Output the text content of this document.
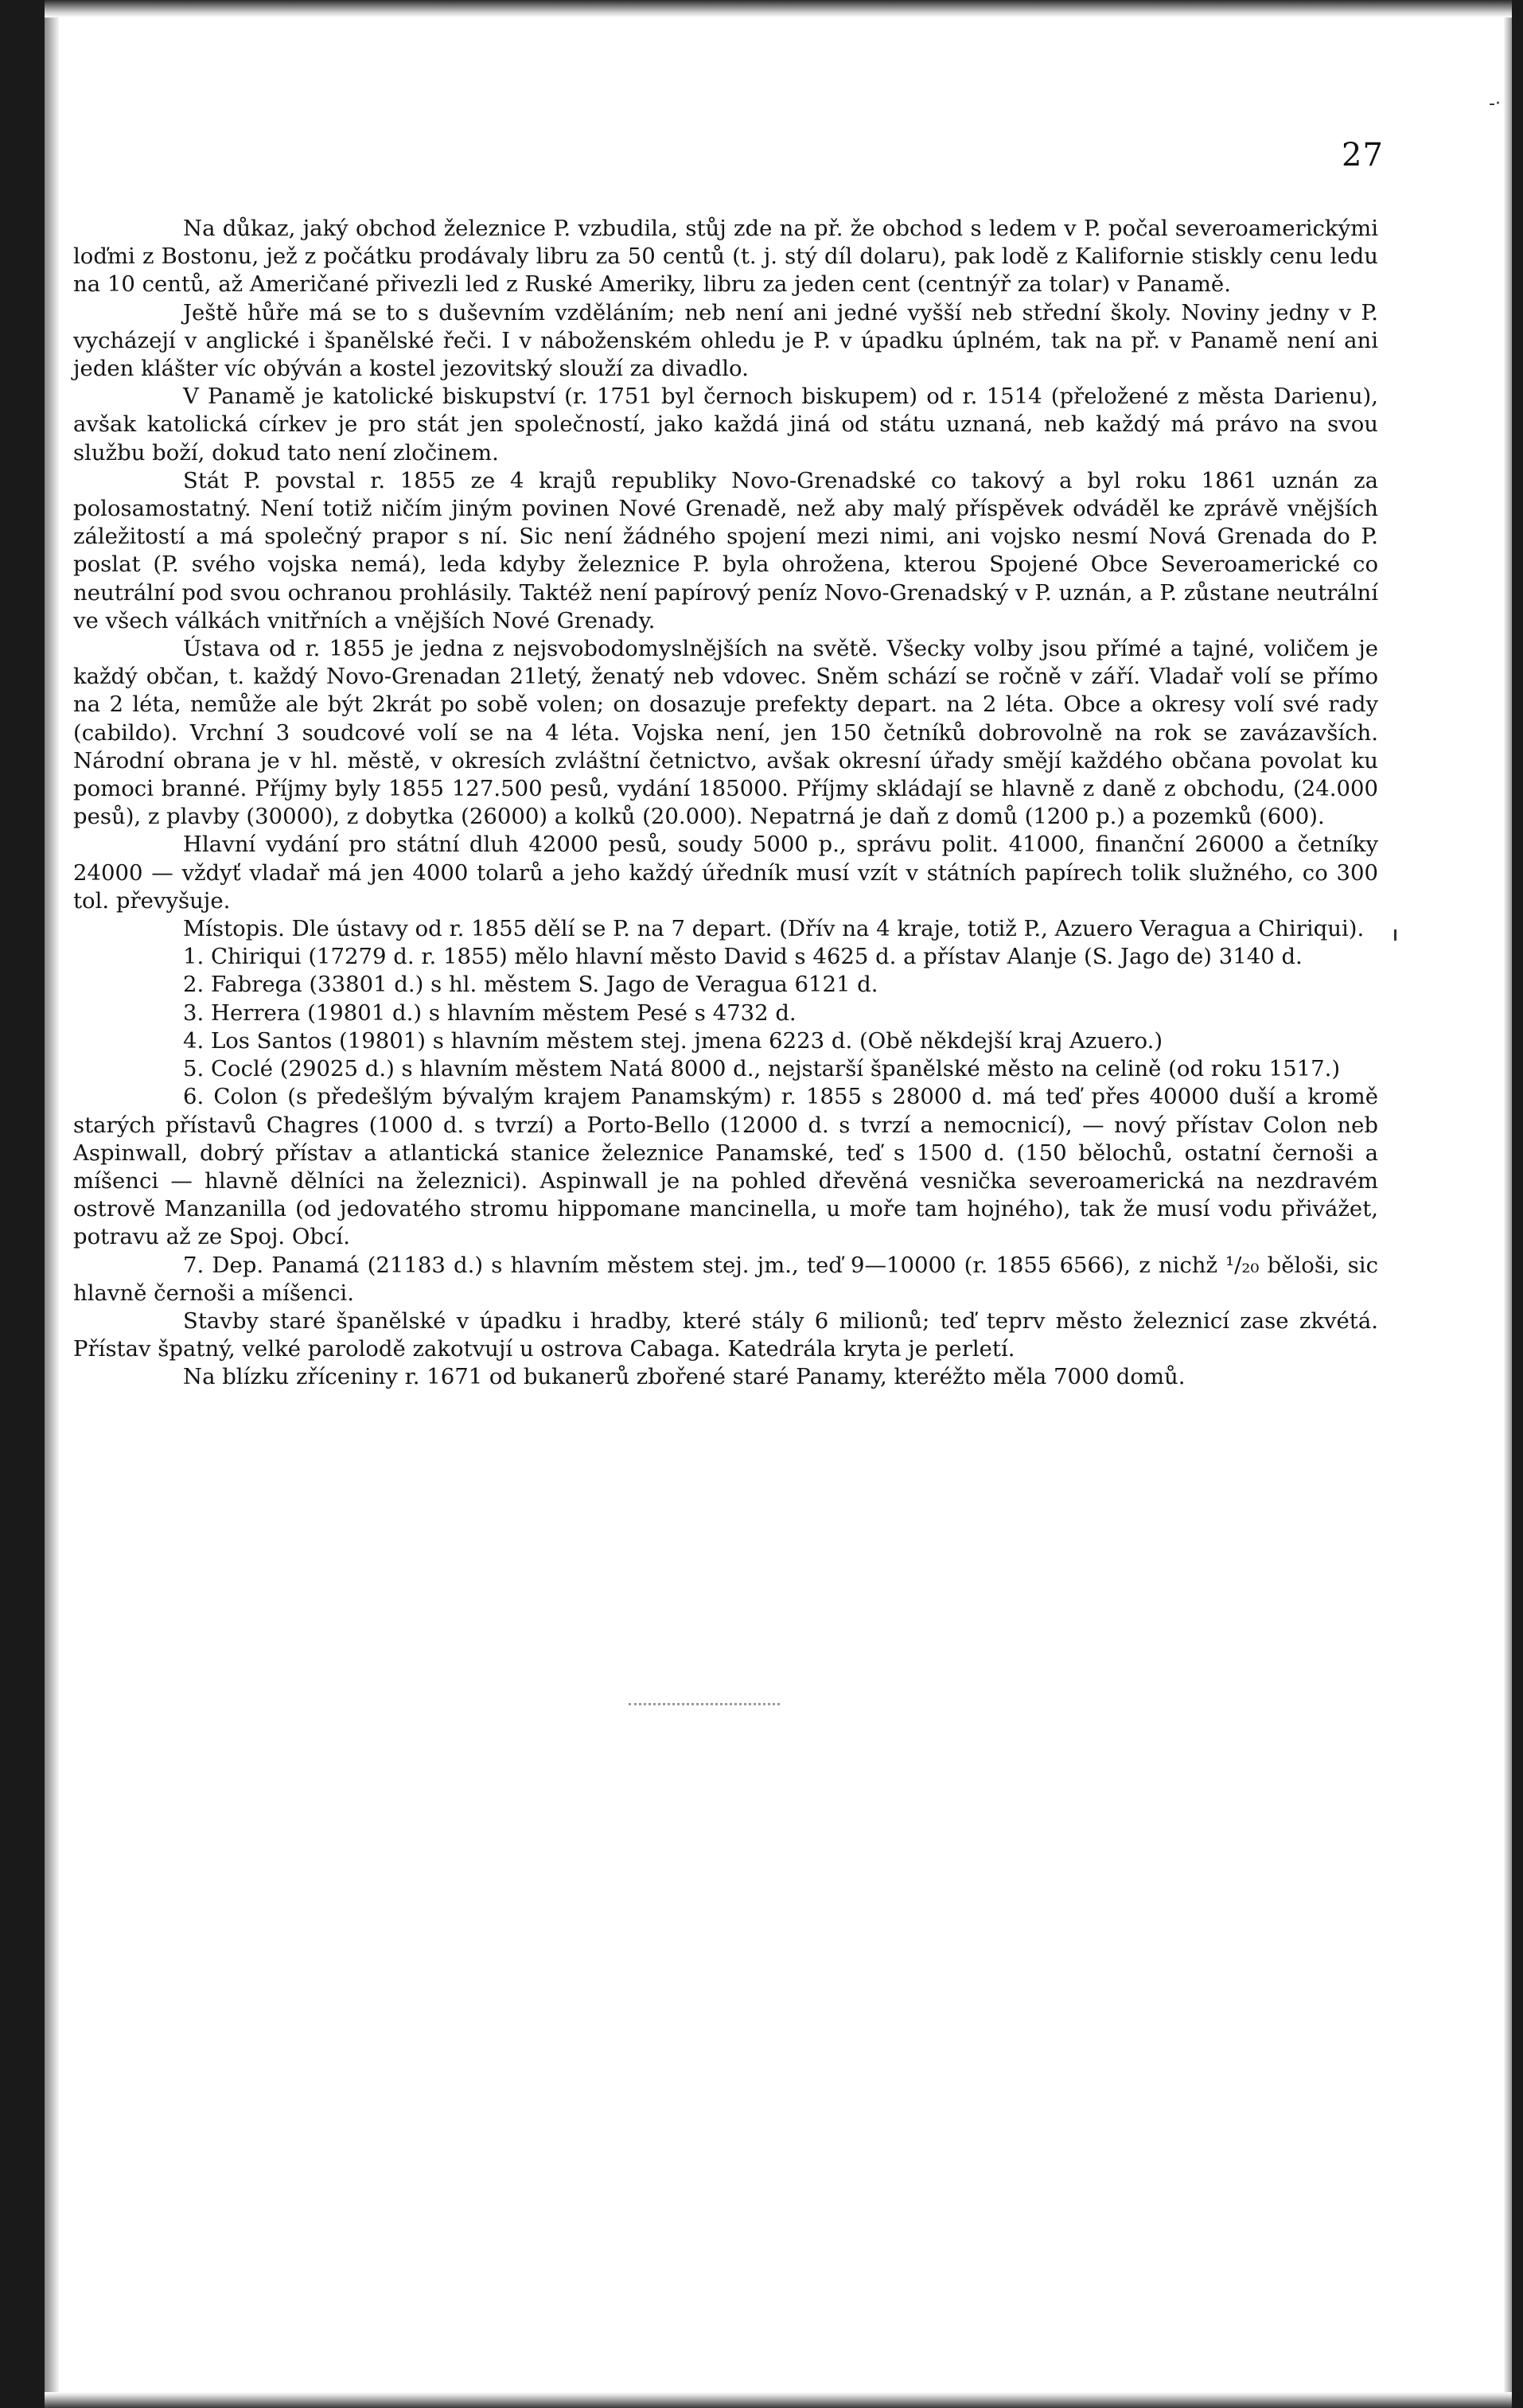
-·
27

Na důkaz, jaký obchod železnice P. vzbudila, stůj zde na př. že obchod s ledem v P. počal severoamerickými loďmi z Bostonu, jež z počátku prodávaly libru za 50 centů (t. j. stý díl dolaru), pak lodě z Kalifornie stiskly cenu ledu na 10 centů, až Američané přivezli led z Ruské Ameriky, libru za jeden cent (centnýř za tolar) v Panamě.

Ještě hůře má se to s duševním vzděláním; neb není ani jedné vyšší neb střední školy. Noviny jedny v P. vycházejí v anglické i španělské řeči. I v náboženském ohledu je P. v úpadku úplném, tak na př. v Panamě není ani jeden klášter víc obýván a kostel jezovitský slouží za divadlo.

V Panamě je katolické biskupství (r. 1751 byl černoch biskupem) od r. 1514 (přeložené z města Darienu), avšak katolická církev je pro stát jen společností, jako každá jiná od státu uznaná, neb každý má právo na svou službu boží, dokud tato není zločinem.

Stát P. povstal r. 1855 ze 4 krajů republiky Novo-Grenadské co takový a byl roku 1861 uznán za polosamostatný. Není totiž ničím jiným povinen Nové Grenadě, než aby malý příspěvek odváděl ke zprávě vnějších záležitostí a má společný prapor s ní. Sic není žádného spojení mezi nimi, ani vojsko nesmí Nová Grenada do P. poslat (P. svého vojska nemá), leda kdyby železnice P. byla ohrožena, kterou Spojené Obce Severoamerické co neutrální pod svou ochranou prohlásily. Taktéž není papírový peníz Novo-Grenadský v P. uznán, a P. zůstane neutrální ve všech válkách vnitřních a vnějších Nové Grenady.

Ústava od r. 1855 je jedna z nejsvobodomyslnějších na světě. Všecky volby jsou přímé a tajné, voličem je každý občan, t. každý Novo-Grenadan 21letý, ženatý neb vdovec. Sněm schází se ročně v září. Vladař volí se přímo na 2 léta, nemůže ale být 2krát po sobě volen; on dosazuje prefekty depart. na 2 léta. Obce a okresy volí své rady (cabildo). Vrchní 3 soudcové volí se na 4 léta. Vojska není, jen 150 četníků dobrovolně na rok se zavázavších. Národní obrana je v hl. městě, v okresích zvláštní četnictvo, avšak okresní úřady smějí každého občana povolat ku pomoci branné. Příjmy byly 1855 127.500 pesů, vydání 185000. Příjmy skládají se hlavně z daně z obchodu, (24.000 pesů), z plavby (30000), z dobytka (26000) a kolků (20.000). Nepatrná je daň z domů (1200 p.) a pozemků (600).

Hlavní vydání pro státní dluh 42000 pesů, soudy 5000 p., správu polit. 41000, finanční 26000 a četníky 24000 — vždyť vladař má jen 4000 tolarů a jeho každý úředník musí vzít v státních papírech tolik služného, co 300 tol. převyšuje.

Místopis. Dle ústavy od r. 1855 dělí se P. na 7 depart. (Dřív na 4 kraje, totiž P., Azuero Veragua a Chiriqui).

1. Chiriqui (17279 d. r. 1855) mělo hlavní město David s 4625 d. a přístav Alanje (S. Jago de) 3140 d.

2. Fabrega (33801 d.) s hl. městem S. Jago de Veragua 6121 d.

3. Herrera (19801 d.) s hlavním městem Pesé s 4732 d.

4. Los Santos (19801) s hlavním městem stej. jmena 6223 d. (Obě někdejší kraj Azuero.)

5. Coclé (29025 d.) s hlavním městem Natá 8000 d., nejstarší španělské město na celině (od roku 1517.)

6. Colon (s předešlým bývalým krajem Panamským) r. 1855 s 28000 d. má teď přes 40000 duší a kromě starých přístavů Chagres (1000 d. s tvrzí) a Porto-Bello (12000 d. s tvrzí a nemocnicí), — nový přístav Colon neb Aspinwall, dobrý přístav a atlantická stanice železnice Panamské, teď s 1500 d. (150 bělochů, ostatní černoši a míšenci — hlavně dělníci na železnici). Aspinwall je na pohled dřevěná vesnička severoamerická na nezdravém ostrově Manzanilla (od jedovatého stromu hippomane mancinella, u moře tam hojného), tak že musí vodu přivážet, potravu až ze Spoj. Obcí.

7. Dep. Panamá (21183 d.) s hlavním městem stej. jm., teď 9—10000 (r. 1855 6566), z nichž ¹/₂₀ běloši, sic hlavně černoši a míšenci.

Stavby staré španělské v úpadku i hradby, které stály 6 milionů; teď teprv město železnicí zase zkvétá. Přístav špatný, velké parolodě zakotvují u ostrova Cabaga. Katedrála kryta je perletí.

Na blízku zříceniny r. 1671 od bukanerů zbořené staré Panamy, kteréžto měla 7000 domů.
